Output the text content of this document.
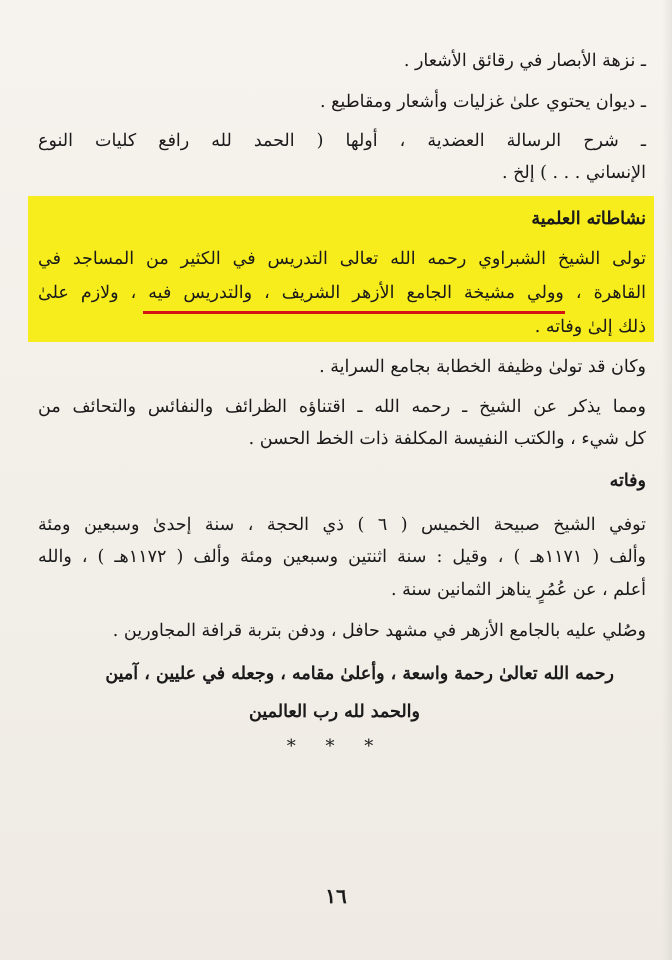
ـ نزهة الأبصار في رقائق الأشعار .
ـ ديوان يحتوي علىٰ غزليات وأشعار ومقاطيع .
ـ شرح الرسالة العضدية ، أولها ( الحمد لله رافع كليات النوع
الإنساني . . . ) إلخ .
نشاطاته العلمية
تولى الشيخ الشبراوي رحمه الله تعالى التدريس في الكثير من المساجد في
القاهرة ، وولي مشيخة الجامع الأزهر الشريف ، والتدريس فيه ، ولازم علىٰ
ذلك إلىٰ وفاته .
وكان قد تولىٰ وظيفة الخطابة بجامع السراية .
ومما يذكر عن الشيخ ـ رحمه الله ـ اقتناؤه الظرائف والنفائس والتحائف من
كل شيء ، والكتب النفيسة المكلفة ذات الخط الحسن .
وفاته
توفي الشيخ صبيحة الخميس ( ٦ ) ذي الحجة ، سنة إحدىٰ وسبعين ومئة
وألف ( ١١٧١هـ ) ، وقيل : سنة اثنتين وسبعين ومئة وألف ( ١١٧٢هـ ) ، والله
أعلم ، عن عُمُرٍ يناهز الثمانين سنة .
وصُلي عليه بالجامع الأزهر في مشهد حافل ، ودفن بتربة قرافة المجاورين .
رحمه الله تعالىٰ رحمة واسعة ، وأعلىٰ مقامه ، وجعله في عليين ، آمين
والحمد لله رب العالمين
* * *
١٦
